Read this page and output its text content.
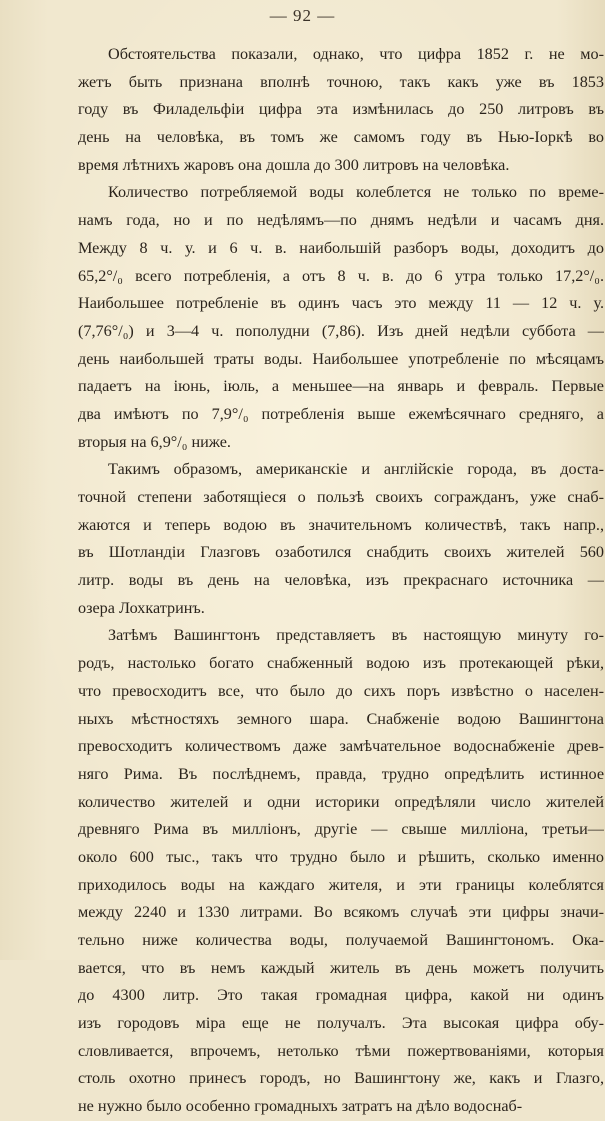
— 92 —
Обстоятельства показали, однако, что цифра 1852 г. не мо-
жетъ быть признана вполнѣ точною, такъ какъ уже въ 1853
году въ Филадельфіи цифра эта измѣнилась до 250 литровъ въ
день на человѣка, въ томъ же самомъ году въ Нью-Іоркѣ во
время лѣтнихъ жаровъ она дошла до 300 литровъ на человѣка.
Количество потребляемой воды колеблется не только по време-
намъ года, но и по недѣлямъ—по днямъ недѣли и часамъ дня.
Между 8 ч. у. и 6 ч. в. наибольшій разборъ воды, доходитъ до
65,2°/₀ всего потребленія, а отъ 8 ч. в. до 6 утра только 17,2°/₀.
Наибольшее потребленіе въ одинъ часъ это между 11 — 12 ч. у.
(7,76°/₀) и 3—4 ч. пополудни (7,86). Изъ дней недѣли суббота —
день наибольшей траты воды. Наибольшее употребленіе по мѣсяцамъ
падаетъ на іюнь, іюль, а меньшее—на январь и февраль. Первые
два имѣютъ по 7,9°/₀ потребленія выше ежемѣсячнаго средняго, а
вторыя на 6,9°/₀ ниже.
Такимъ образомъ, американскіе и англійскіе города, въ доста-
точной степени заботящіеся о пользѣ своихъ согражданъ, уже снаб-
жаются и теперь водою въ значительномъ количествѣ, такъ напр.,
въ Шотландіи Глазговъ озаботился снабдить своихъ жителей 560
литр. воды въ день на человѣка, изъ прекраснаго источника —
озера Лохкатринъ.
Затѣмъ Вашингтонъ представляетъ въ настоящую минуту го-
родъ, настолько богато снабженный водою изъ протекающей рѣки,
что превосходитъ все, что было до сихъ поръ извѣстно о населен-
ныхъ мѣстностяхъ земного шара. Снабженіе водою Вашингтона
превосходитъ количествомъ даже замѣчательное водоснабженіе древ-
няго Рима. Въ послѣднемъ, правда, трудно опредѣлить истинное
количество жителей и одни историки опредѣляли число жителей
древняго Рима въ милліонъ, другіе — свыше милліона, третьи—
около 600 тыс., такъ что трудно было и рѣшить, сколько именно
приходилось воды на каждаго жителя, и эти границы колеблятся
между 2240 и 1330 литрами. Во всякомъ случаѣ эти цифры значи-
тельно ниже количества воды, получаемой Вашингтономъ. Ока-
вается, что въ немъ каждый житель въ день можетъ получить
до 4300 литр. Это такая громадная цифра, какой ни одинъ
изъ городовъ міра еще не получалъ. Эта высокая цифра обу-
словливается, впрочемъ, нетолько тѣми пожертвованіями, которыя
столь охотно принесъ городъ, но Вашингтону же, какъ и Глазго,
не нужно было особенно громадныхъ затратъ на дѣло водоснаб-
